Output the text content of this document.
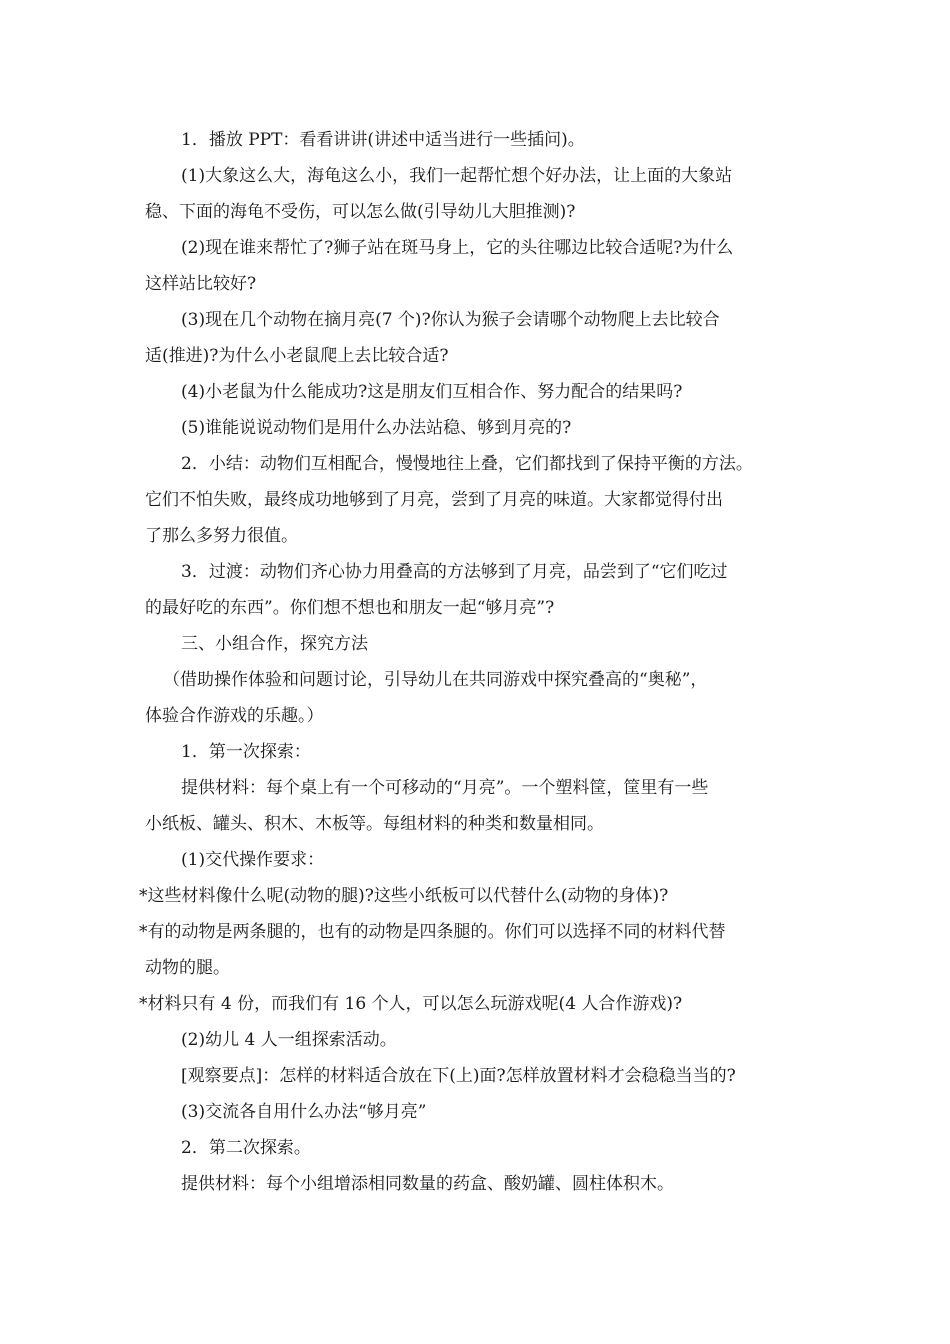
1．播放 PPT：看看讲讲(讲述中适当进行一些插问)。
(1)大象这么大，海龟这么小，我们一起帮忙想个好办法，让上面的大象站
稳、下面的海龟不受伤，可以怎么做(引导幼儿大胆推测)?
(2)现在谁来帮忙了?狮子站在斑马身上，它的头往哪边比较合适呢?为什么
这样站比较好?
(3)现在几个动物在摘月亮(7 个)?你认为猴子会请哪个动物爬上去比较合
适(推进)?为什么小老鼠爬上去比较合适?
(4)小老鼠为什么能成功?这是朋友们互相合作、努力配合的结果吗?
(5)谁能说说动物们是用什么办法站稳、够到月亮的?
2．小结：动物们互相配合，慢慢地往上叠，它们都找到了保持平衡的方法。
它们不怕失败，最终成功地够到了月亮，尝到了月亮的味道。大家都觉得付出
了那么多努力很值。
3．过渡：动物们齐心协力用叠高的方法够到了月亮，品尝到了“它们吃过
的最好吃的东西”。你们想不想也和朋友一起“够月亮”?
三、小组合作，探究方法
（借助操作体验和问题讨论，引导幼儿在共同游戏中探究叠高的“奥秘”，
体验合作游戏的乐趣。）
1．第一次探索：
提供材料：每个桌上有一个可移动的“月亮”。一个塑料筐，筐里有一些
小纸板、罐头、积木、木板等。每组材料的种类和数量相同。
(1)交代操作要求：
*这些材料像什么呢(动物的腿)?这些小纸板可以代替什么(动物的身体)?
*有的动物是两条腿的，也有的动物是四条腿的。你们可以选择不同的材料代替
动物的腿。
*材料只有 4 份，而我们有 16 个人，可以怎么玩游戏呢(4 人合作游戏)?
(2)幼儿 4 人一组探索活动。
[观察要点]：怎样的材料适合放在下(上)面?怎样放置材料才会稳稳当当的?
(3)交流各自用什么办法“够月亮”
2．第二次探索。
提供材料：每个小组增添相同数量的药盒、酸奶罐、圆柱体积木。
